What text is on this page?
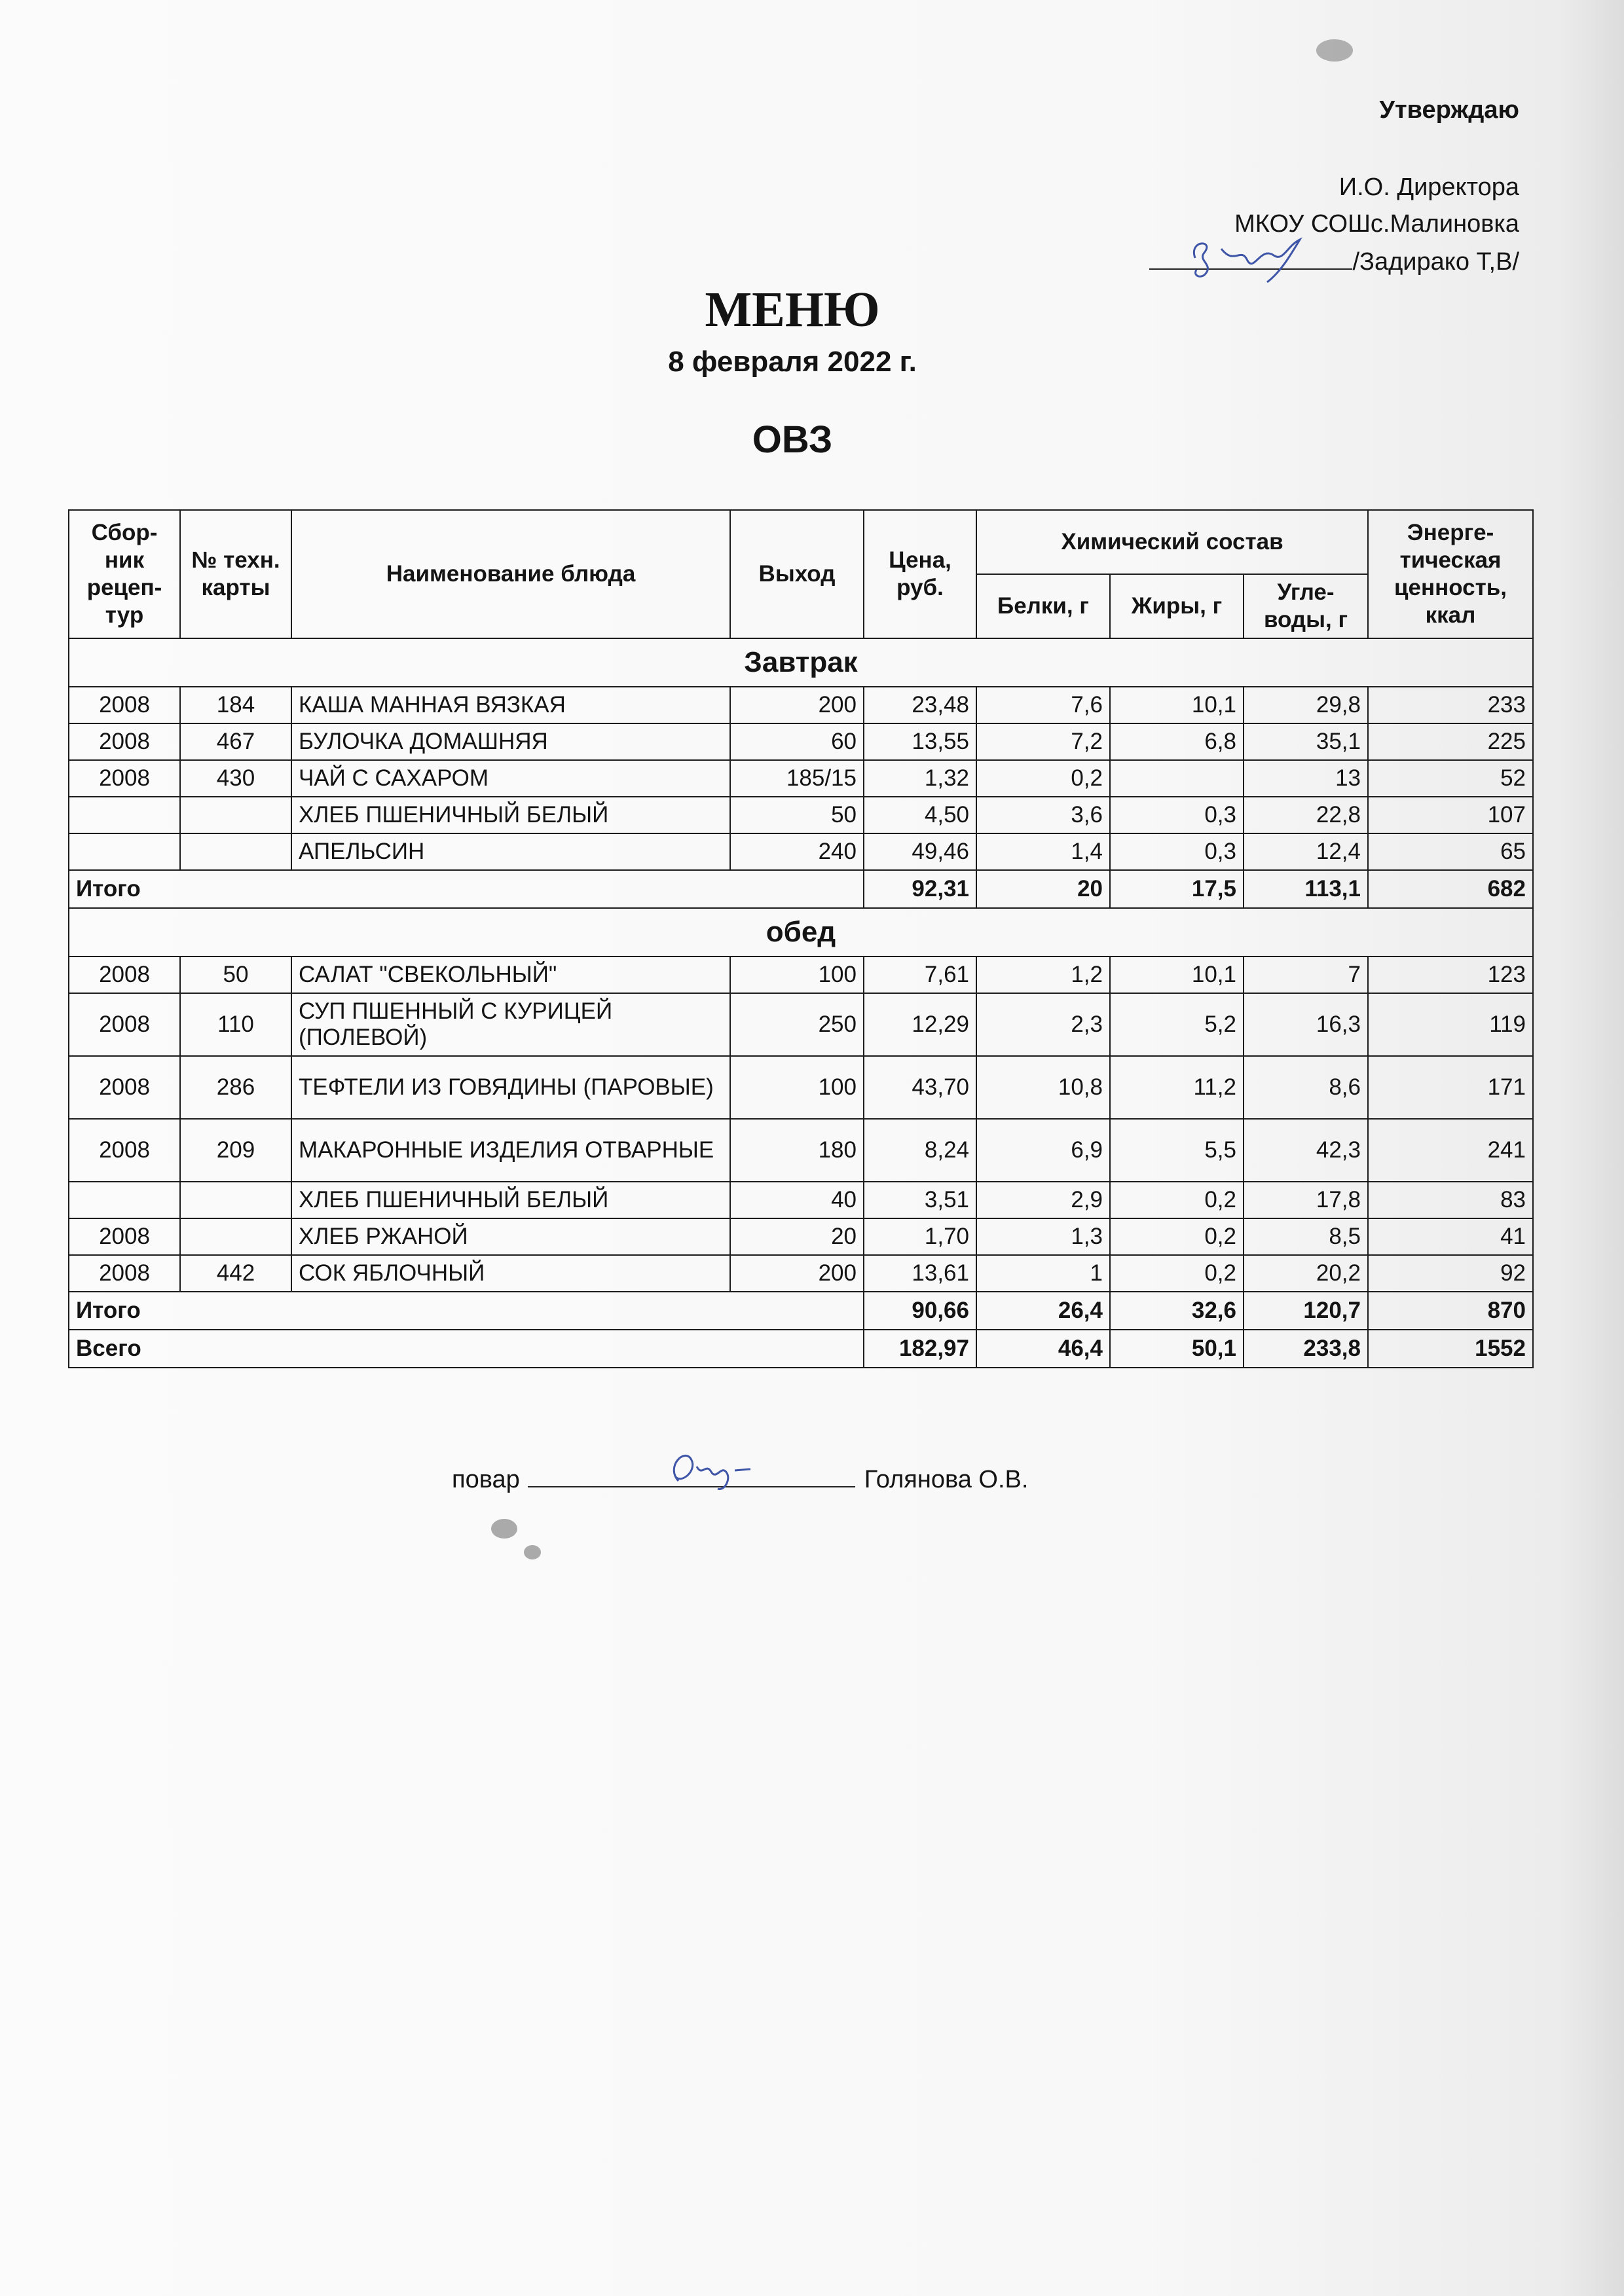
Утверждаю
И.О. Директора
МКОУ СОШс.Малиновка
/Задирако Т,В/
МЕНЮ
8 февраля 2022 г.
ОВЗ
Сбор-ник рецеп-тур	№ техн. карты	Наименование блюда	Выход	Цена, руб.	Химический состав			Энерге-тическая ценность, ккал
					Белки, г	Жиры, г	Угле-воды, г	
Завтрак								
2008	184	КАША МАННАЯ ВЯЗКАЯ	200	23,48	7,6	10,1	29,8	233
2008	467	БУЛОЧКА ДОМАШНЯЯ	60	13,55	7,2	6,8	35,1	225
2008	430	ЧАЙ С САХАРОМ	185/15	1,32	0,2		13	52
		ХЛЕБ ПШЕНИЧНЫЙ БЕЛЫЙ	50	4,50	3,6	0,3	22,8	107
		АПЕЛЬСИН	240	49,46	1,4	0,3	12,4	65
Итого				92,31	20	17,5	113,1	682
обед								
2008	50	САЛАТ "СВЕКОЛЬНЫЙ"	100	7,61	1,2	10,1	7	123
2008	110	СУП ПШЕННЫЙ С КУРИЦЕЙ (ПОЛЕВОЙ)	250	12,29	2,3	5,2	16,3	119
2008	286	ТЕФТЕЛИ ИЗ ГОВЯДИНЫ (ПАРОВЫЕ)	100	43,70	10,8	11,2	8,6	171
2008	209	МАКАРОННЫЕ ИЗДЕЛИЯ ОТВАРНЫЕ	180	8,24	6,9	5,5	42,3	241
		ХЛЕБ ПШЕНИЧНЫЙ БЕЛЫЙ	40	3,51	2,9	0,2	17,8	83
2008		ХЛЕБ РЖАНОЙ	20	1,70	1,3	0,2	8,5	41
2008	442	СОК ЯБЛОЧНЫЙ	200	13,61	1	0,2	20,2	92
Итого				90,66	26,4	32,6	120,7	870
Всего				182,97	46,4	50,1	233,8	1552
повар	Голянова О.В.
